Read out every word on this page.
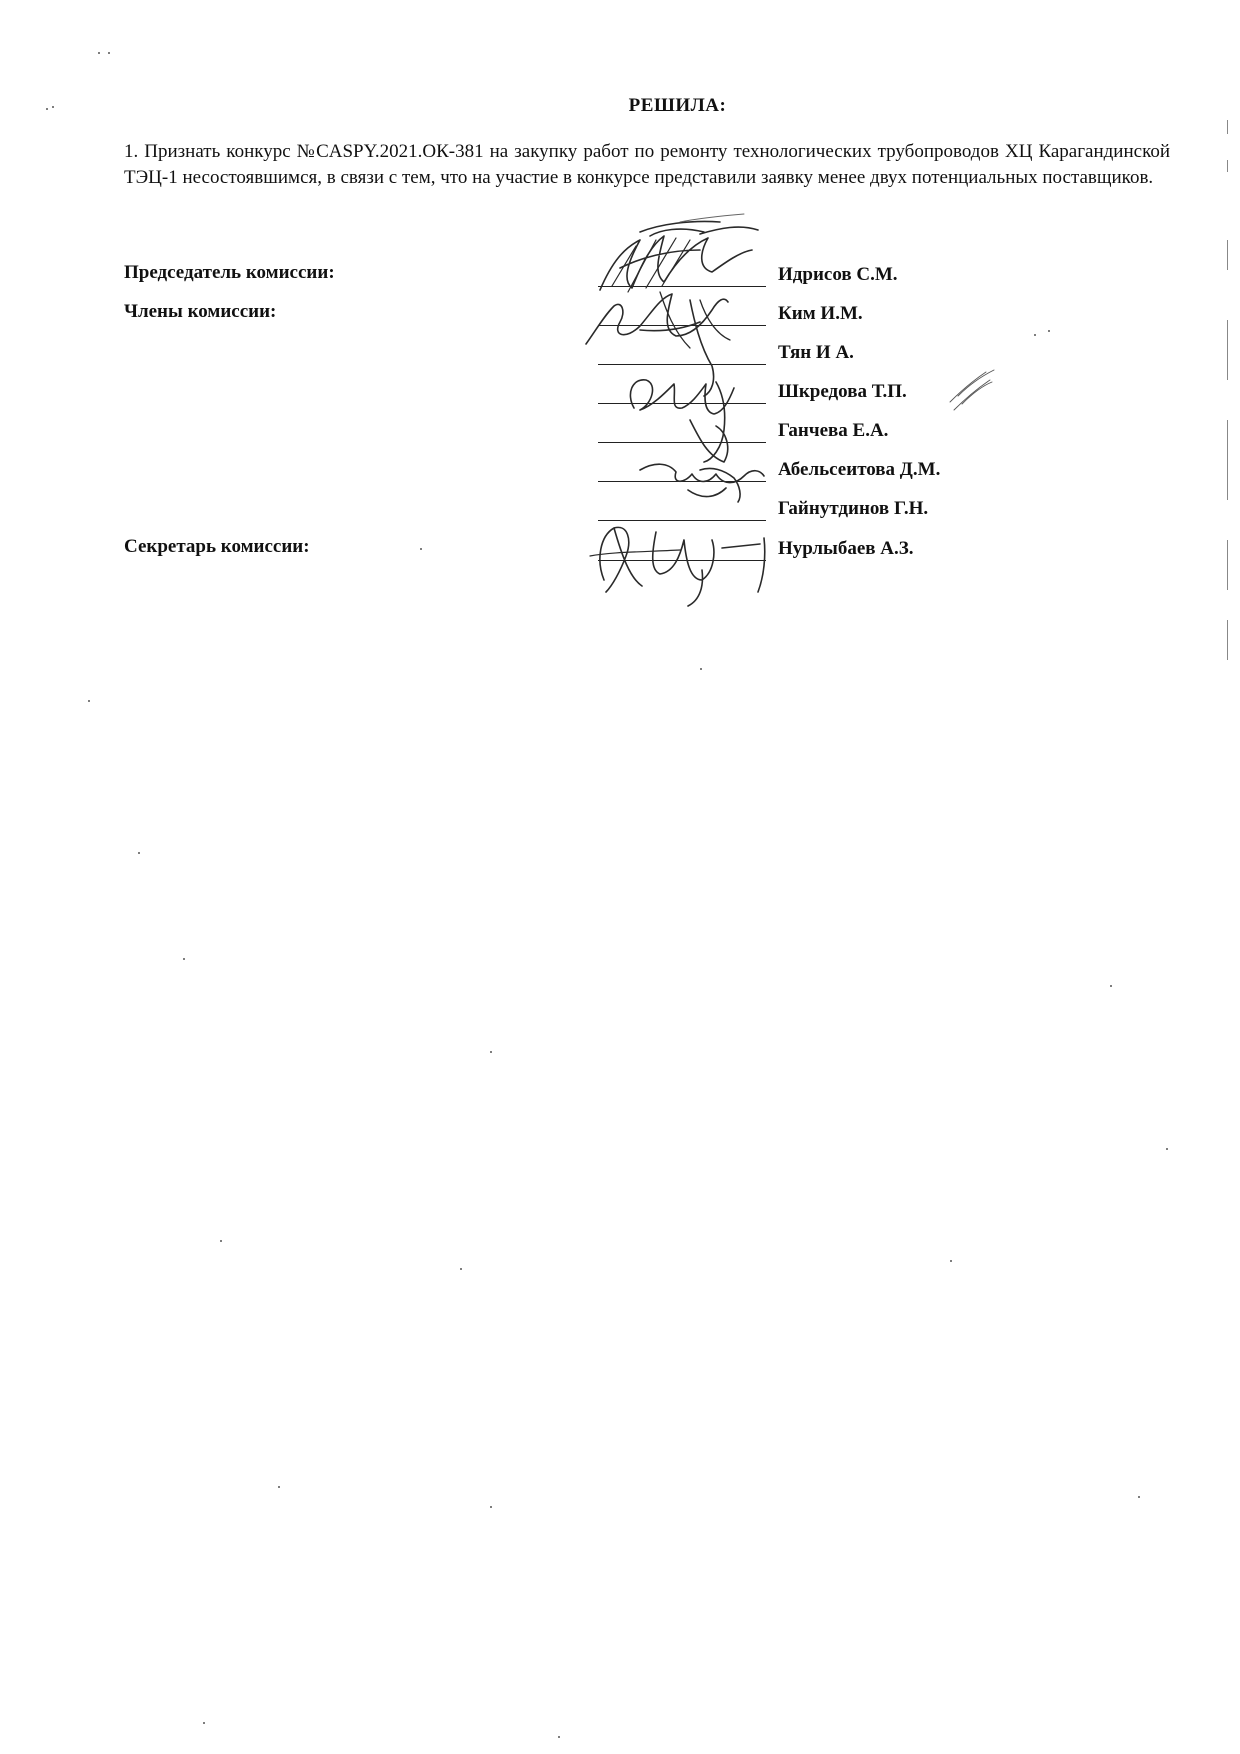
РЕШИЛА:
1. Признать конкурс №CASPY.2021.ОК-381 на закупку работ по ремонту технологических трубопроводов ХЦ Карагандинской ТЭЦ-1 несостоявшимся, в связи с тем, что на участие в конкурсе представили заявку менее двух потенциальных поставщиков.
Председатель комиссии:
Члены комиссии:
Секретарь комиссии:
Идрисов С.М.
Ким И.М.
Тян И А.
Шкредова Т.П.
Ганчева Е.А.
Абельсеитова Д.М.
Гайнутдинов Г.Н.
Нурлыбаев А.З.
